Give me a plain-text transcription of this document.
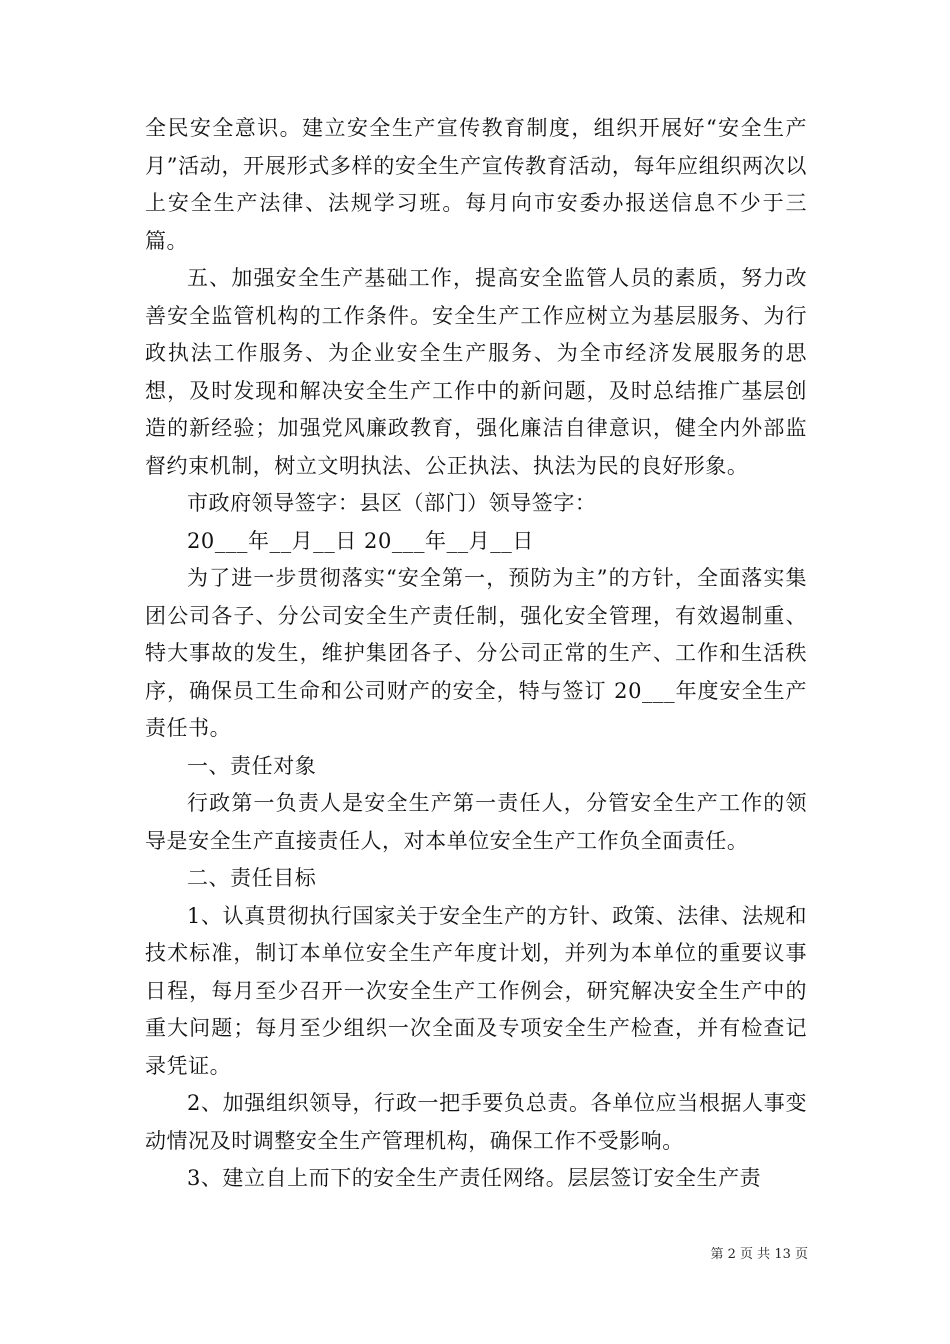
全民安全意识。建立安全生产宣传教育制度，组织开展好“安全生产月”活动，开展形式多样的安全生产宣传教育活动，每年应组织两次以上安全生产法律、法规学习班。每月向市安委办报送信息不少于三篇。

五、加强安全生产基础工作，提高安全监管人员的素质，努力改善安全监管机构的工作条件。安全生产工作应树立为基层服务、为行政执法工作服务、为企业安全生产服务、为全市经济发展服务的思想，及时发现和解决安全生产工作中的新问题，及时总结推广基层创造的新经验；加强党风廉政教育，强化廉洁自律意识，健全内外部监督约束机制，树立文明执法、公正执法、执法为民的良好形象。

市政府领导签字：县区（部门）领导签字：

20___年__月__日 20___年__月__日

为了进一步贯彻落实“安全第一，预防为主”的方针，全面落实集团公司各子、分公司安全生产责任制，强化安全管理，有效遏制重、特大事故的发生，维护集团各子、分公司正常的生产、工作和生活秩序，确保员工生命和公司财产的安全，特与签订 20___年度安全生产责任书。

一、责任对象

行政第一负责人是安全生产第一责任人，分管安全生产工作的领导是安全生产直接责任人，对本单位安全生产工作负全面责任。

二、责任目标

1、认真贯彻执行国家关于安全生产的方针、政策、法律、法规和技术标准，制订本单位安全生产年度计划，并列为本单位的重要议事日程，每月至少召开一次安全生产工作例会，研究解决安全生产中的重大问题；每月至少组织一次全面及专项安全生产检查，并有检查记录凭证。

2、加强组织领导，行政一把手要负总责。各单位应当根据人事变动情况及时调整安全生产管理机构，确保工作不受影响。

3、建立自上而下的安全生产责任网络。层层签订安全生产责

第 2 页 共 13 页
